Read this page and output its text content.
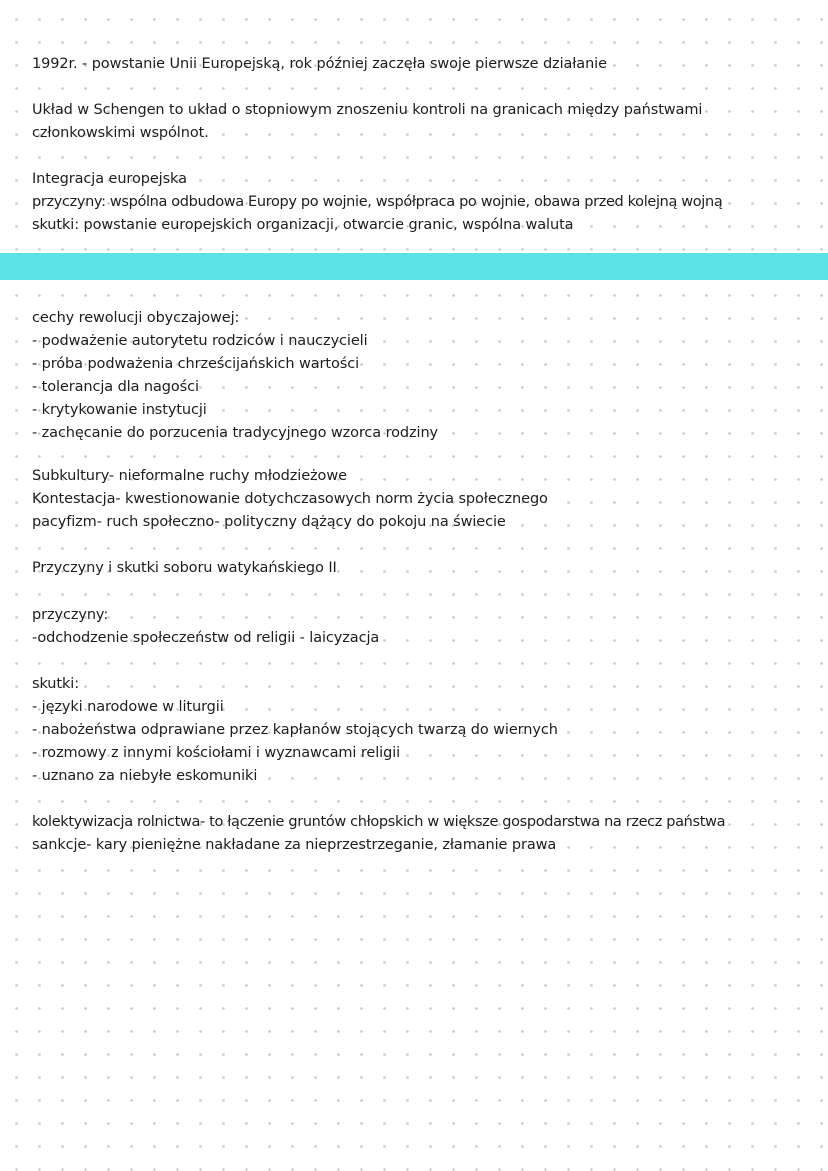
1992r. - powstanie Unii Europejską, rok później zaczęła swoje pierwsze działanie
Układ w Schengen to układ o stopniowym znoszeniu kontroli na granicach między państwami członkowskimi wspólnot.
Integracja europejska
przyczyny: wspólna odbudowa Europy po wojnie, współpraca po wojnie, obawa przed kolejną wojną
skutki: powstanie europejskich organizacji, otwarcie granic, wspólna waluta
cechy rewolucji obyczajowej:
- podważenie autorytetu rodziców i nauczycieli
- próba podważenia chrześcijańskich wartości
- tolerancja dla nagości
- krytykowanie instytucji
- zachęcanie do porzucenia tradycyjnego wzorca rodziny
Subkultury- nieformalne ruchy młodzieżowe
Kontestacja- kwestionowanie dotychczasowych norm życia społecznego
pacyfizm- ruch społeczno- polityczny dążący do pokoju na świecie
Przyczyny i skutki soboru watykańskiego II
przyczyny:
-odchodzenie społeczeństw od religii - laicyzacja
skutki:
- języki narodowe w liturgii
- nabożeństwa odprawiane przez kapłanów stojących twarzą do wiernych
- rozmowy z innymi kościołami i wyznawcami religii
- uznano za niebyłe eskomuniki
kolektywizacja rolnictwa- to łączenie gruntów chłopskich w większe gospodarstwa na rzecz państwa
sankcje- kary pieniężne nakładane za nieprzestrzeganie, złamanie prawa
